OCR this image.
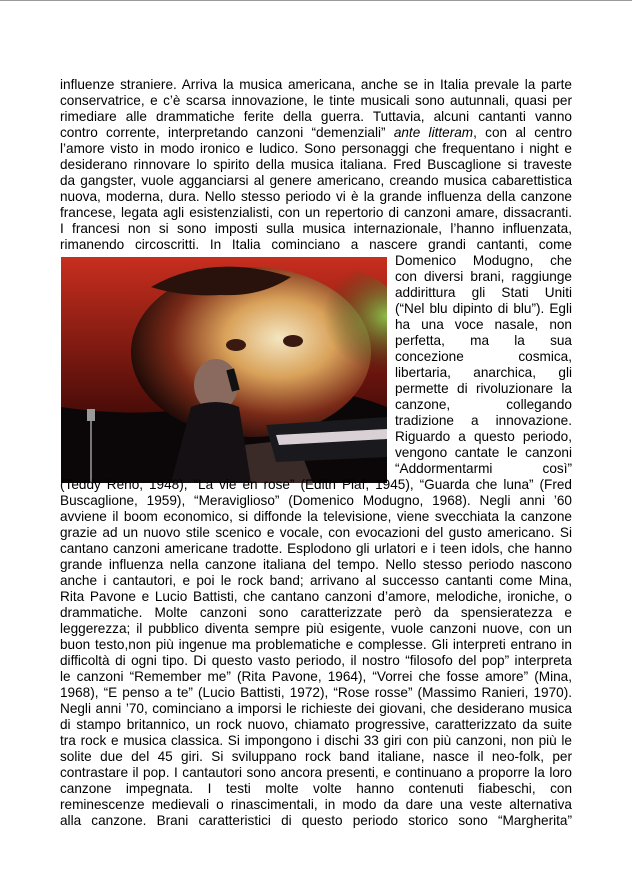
influenze straniere. Arriva la musica americana, anche se in Italia prevale la parte
conservatrice, e c’è scarsa innovazione, le tinte musicali sono autunnali, quasi per
rimediare alle drammatiche ferite della guerra. Tuttavia, alcuni cantanti vanno
contro corrente, interpretando canzoni “demenziali” ante litteram, con al centro
l’amore visto in modo ironico e ludico. Sono personaggi che frequentano i night e
desiderano rinnovare lo spirito della musica italiana. Fred Buscaglione si traveste
da gangster, vuole agganciarsi al genere americano, creando musica cabarettistica
nuova, moderna, dura. Nello stesso periodo vi è la grande influenza della canzone
francese, legata agli esistenzialisti, con un repertorio di canzoni amare, dissacranti.
I francesi non si sono imposti sulla musica internazionale, l’hanno influenzata,
rimanendo circoscritti. In Italia cominciano a nascere grandi cantanti, come
Domenico Modugno, che
con diversi brani, raggiunge
addirittura gli Stati Uniti
(“Nel blu dipinto di blu”). Egli
ha una voce nasale, non
perfetta, ma la sua
concezione cosmica,
libertaria, anarchica, gli
permette di rivoluzionare la
canzone, collegando
tradizione a innovazione.
Riguardo a questo periodo,
vengono cantate le canzoni
“Addormentarmi così”
(Teddy Reno, 1948), “La vie en rose” (Edith Piaf, 1945), “Guarda che luna” (Fred
Buscaglione, 1959), “Meraviglioso” (Domenico Modugno, 1968). Negli anni ’60
avviene il boom economico, si diffonde la televisione, viene svecchiata la canzone
grazie ad un nuovo stile scenico e vocale, con evocazioni del gusto americano. Si
cantano canzoni americane tradotte. Esplodono gli urlatori e i teen idols, che hanno
grande influenza nella canzone italiana del tempo. Nello stesso periodo nascono
anche i cantautori, e poi le rock band; arrivano al successo cantanti come Mina,
Rita Pavone e Lucio Battisti, che cantano canzoni d’amore, melodiche, ironiche, o
drammatiche. Molte canzoni sono caratterizzate però da spensieratezza e
leggerezza; il pubblico diventa sempre più esigente, vuole canzoni nuove, con un
buon testo,non più ingenue ma problematiche e complesse. Gli interpreti entrano in
difficoltà di ogni tipo. Di questo vasto periodo, il nostro “filosofo del pop” interpreta
le canzoni “Remember me” (Rita Pavone, 1964), “Vorrei che fosse amore” (Mina,
1968), “E penso a te” (Lucio Battisti, 1972), “Rose rosse” (Massimo Ranieri, 1970).
Negli anni ’70, cominciano a imporsi le richieste dei giovani, che desiderano musica
di stampo britannico, un rock nuovo, chiamato progressive, caratterizzato da suite
tra rock e musica classica. Si impongono i dischi 33 giri con più canzoni, non più le
solite due del 45 giri. Si sviluppano rock band italiane, nasce il neo-folk, per
contrastare il pop. I cantautori sono ancora presenti, e continuano a proporre la loro
canzone impegnata. I testi molte volte hanno contenuti fiabeschi, con
reminescenze medievali o rinascimentali, in modo da dare una veste alternativa
alla canzone. Brani caratteristici di questo periodo storico sono “Margherita”
